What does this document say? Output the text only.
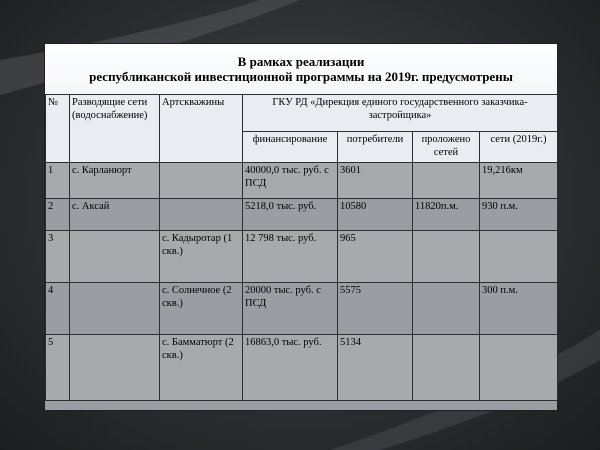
В рамках реализации
республиканской инвестиционной программы на 2019г. предусмотрены
№	Разводящие сети (водоснабжение)	Артскважины	ГКУ РД «Дирекция единого государственного заказчика-застройщика»			
			финансирование	потребители	проложено сетей	сети (2019г.)
1	с. Карланюрт		40000,0 тыс. руб. с ПСД	3601		19,216км
2	с. Аксай		5218,0 тыс. руб.	10580	11820п.м.	930 п.м.
3		с. Кадыротар (1 скв.)	12 798 тыс. руб.	965		
4		с. Солнечное (2 скв.)	20000 тыс. руб. с ПСД	5575		300 п.м.
5		с. Бамматюрт (2 скв.)	16863,0 тыс. руб.	5134		
